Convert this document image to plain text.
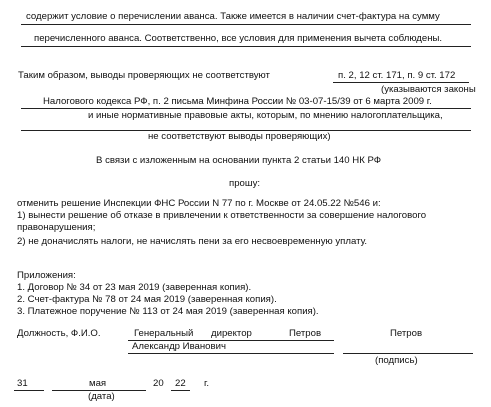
содержит условие о перечислении аванса. Также имеется в наличии счет-фактура на сумму
перечисленного аванса. Соответственно, все условия для применения вычета соблюдены.
Таким образом, выводы проверяющих не соответствуют	п. 2, 12 ст. 171, п. 9 ст. 172
(указываются законы
Налогового кодекса РФ, п. 2 письма Минфина России № 03-07-15/39 от 6 марта 2009 г.
и иные нормативные правовые акты, которым, по мнению налогоплательщика,
не соответствуют выводы проверяющих)
В связи с изложенным на основании пункта 2 статьи 140 НК РФ
прошу:
отменить решение Инспекции ФНС России N 77 по г. Москве от 24.05.22 №546 и:
1) вынести решение об отказе в привлечении к ответственности за совершение налогового
правонарушения;
2) не доначислять налоги, не начислять пени за его несвоевременную уплату.
Приложения:
1. Договор № 34 от 23 мая 2019 (заверенная копия).
2. Счет-фактура № 78 от 24 мая 2019 (заверенная копия).
3. Платежное поручение № 113 от 24 мая 2019 (заверенная копия).
Должность, Ф.И.О.	Генеральный директор	Петров
Александр Иванович
Петров
(подпись)
31	мая	20 22 г.
(дата)
